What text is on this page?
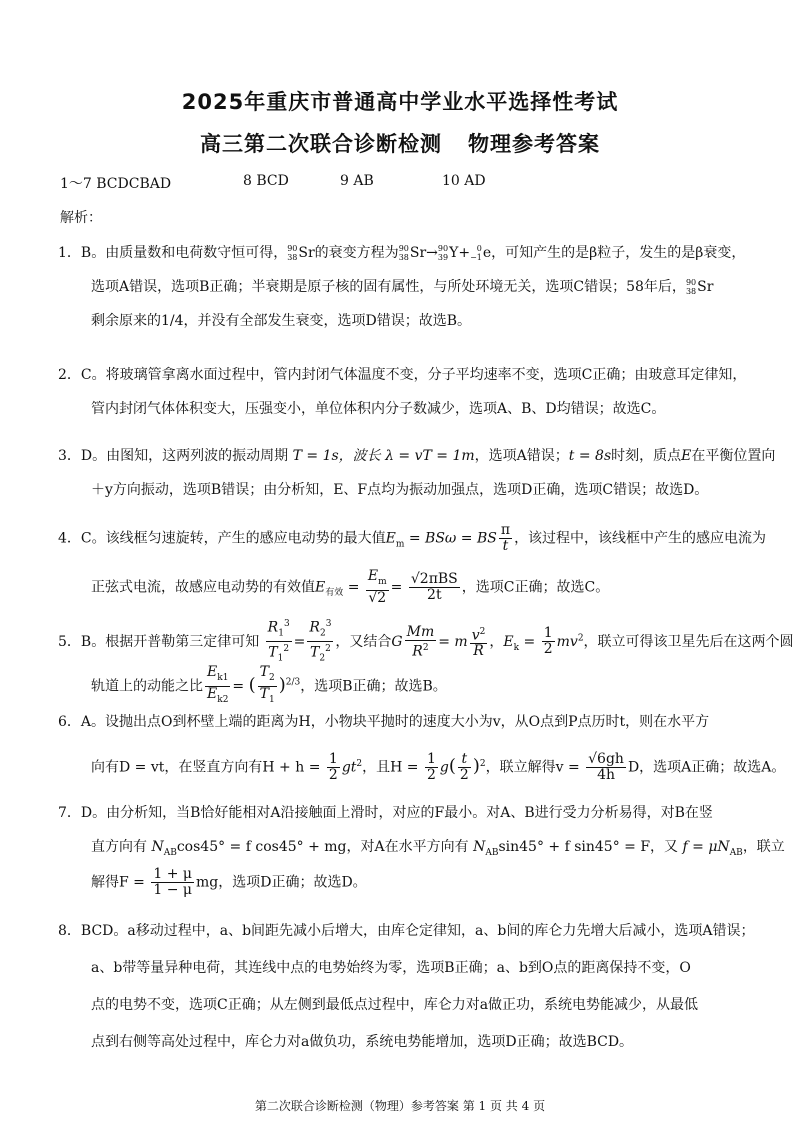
2025年重庆市普通高中学业水平选择性考试
高三第二次联合诊断检测 物理参考答案
1～7 BCDCBAD	8 BCD	9 AB	10 AD
解析：
1．B。由质量数和电荷数守恒可得， 90
38 Sr的衰变方程为 90
38 Sr→ 90
39 Y+ 0
−1 e，可知产生的是β粒子，发生的是β衰变，
选项A错误，选项B正确；半衰期是原子核的固有属性，与所处环境无关，选项C错误；58年后， 90
38 Sr
剩余原来的1/4，并没有全部发生衰变，选项D错误；故选B。
2．C。将玻璃管拿离水面过程中，管内封闭气体温度不变，分子平均速率不变，选项C正确；由玻意耳定律知，
管内封闭气体体积变大，压强变小，单位体积内分子数减少，选项A、B、D均错误；故选C。
3．D。由图知，这两列波的振动周期 T = 1s，波长 λ = vT = 1m，选项A错误；t = 8s时刻，质点E在平衡位置向
＋y方向振动，选项B错误；由分析知，E、F点均为振动加强点，选项D正确，选项C错误；故选D。
4．C。该线框匀速旋转，产生的感应电动势的最大值$E_m = BS\omega$ = BS $\frac{\pi}{t}$ ，该过程中，该线框中产生的感应电流为
正弦式电流，故感应电动势的有效值$E_{有效} = \frac{E_m}{√2} = \frac{\text{√2πBS}}{2t}$ ，选项C正确；故选C。
5．B。根据开普勒第三定律可知 $\frac{R_1^3}{T_1^2} = \frac{R_2^3}{T_2^2}$ ，又结合G $\frac{Mm}{R^2} = m \frac{v^2}{R}$ ，$E_k = \frac{1}{2} mv^2$，联立可得该卫星先后在这两个圆
轨道上的动能之比 $\frac{E_{k1}}{E_{k2}}$ = ( $\frac{T_2}{T_1} )^{2/3}$，选项B正确；故选B。
6．A。设抛出点O到杯壁上端的距离为H，小物块平抛时的速度大小为v，从O点到P点历时t，则在水平方
向有D = vt，在竖直方向有$H + h = \frac{1}{2} gt^2$，且$H = \frac{1}{2} g( \frac{t}{2} )^2$，联立解得$v = \frac{√6gh}{4h}$ D，选项A正确；故选A。
7．D。由分析知，当B恰好能相对A沿接触面上滑时，对应的F最小。对A、B进行受力分析易得，对B在竖
直方向有 $N_{AB}\cos 45^\circ = f$ cos45° + mg，对A在水平方向有 $N_{AB}\sin 45^\circ + f$ sin45° = F，又 $f = \mu N_{AB}$，联立
解得$F = \frac{1 + \mu}{1 - \mu}$ mg，选项D正确；故选D。
8．BCD。a移动过程中，a、b间距先减小后增大，由库仑定律知，a、b间的库仑力先增大后减小，选项A错误；
a、b带等量异种电荷，其连线中点的电势始终为零，选项B正确；a、b到O点的距离保持不变，O
点的电势不变，选项C正确；从左侧到最低点过程中，库仑力对a做正功，系统电势能减少，从最低
点到右侧等高处过程中，库仑力对a做负功，系统电势能增加，选项D正确；故选BCD。
第二次联合诊断检测（物理）参考答案 第 1 页 共 4 页
